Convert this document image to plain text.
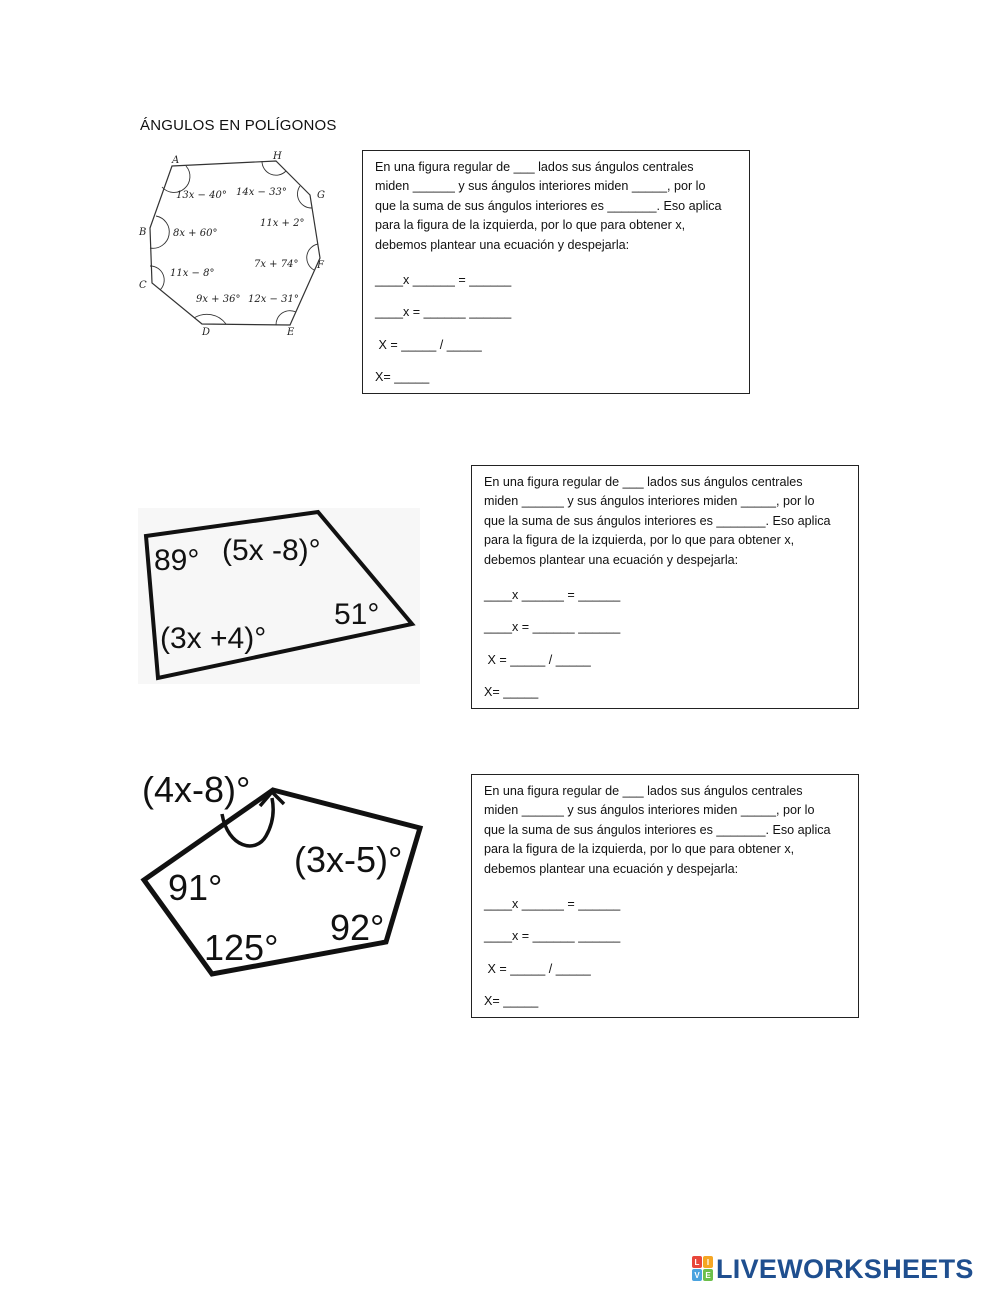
ÁNGULOS EN POLÍGONOS
A	H
G
F
E
D
C
B
13x − 40° 14x − 33°
11x + 2°
7x + 74°
12x − 31°
9x + 36°
11x − 8°
8x + 60°

En una figura regular de ___ lados sus ángulos centrales

miden ______ y sus ángulos interiores miden _____, por lo

que la suma de sus ángulos interiores es _______. Eso aplica

para la figura de la izquierda, por lo que para obtener x,

debemos plantear una ecuación y despejarla:

____x ______ = ______

____x = ______ ______

X = _____ / _____

X= _____

89° (5x -8)°
51°
(3x +4)°

En una figura regular de ___ lados sus ángulos centrales

miden ______ y sus ángulos interiores miden _____, por lo

que la suma de sus ángulos interiores es _______. Eso aplica

para la figura de la izquierda, por lo que para obtener x,

debemos plantear una ecuación y despejarla:

____x ______ = ______

____x = ______ ______

X = _____ / _____

X= _____

(4x-8)°
(3x-5)°
91°
92°
125°

En una figura regular de ___ lados sus ángulos centrales

miden ______ y sus ángulos interiores miden _____, por lo

que la suma de sus ángulos interiores es _______. Eso aplica

para la figura de la izquierda, por lo que para obtener x,

debemos plantear una ecuación y despejarla:

____x ______ = ______

____x = ______ ______

X = _____ / _____

X= _____

L I
V E LIVEWORKSHEETS
